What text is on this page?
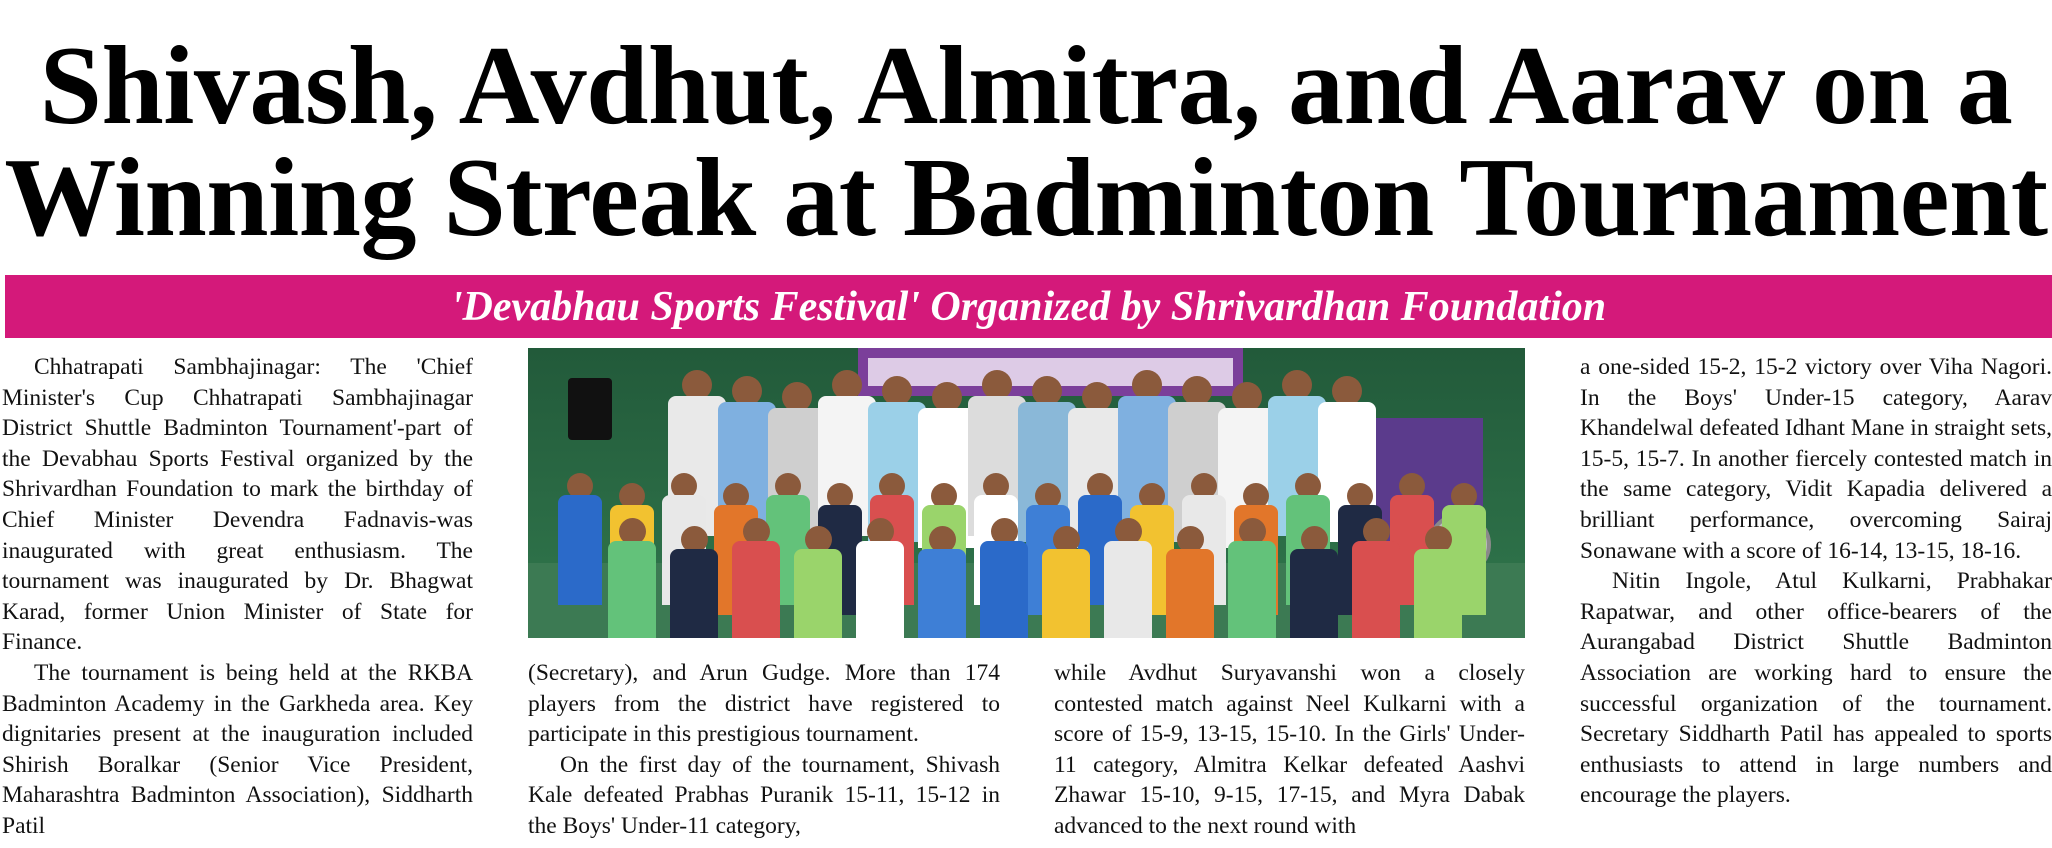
Shivash, Avdhut, Almitra, and Aarav on a
Winning Streak at Badminton Tournament
'Devabhau Sports Festival' Organized by Shrivardhan Foundation

Chhatrapati Sambhajinagar: The 'Chief Minister's Cup Chhatrapati Sambhajinagar District Shuttle Badminton Tournament'-part of the Devabhau Sports Festival organized by the Shrivardhan Foundation to mark the birthday of Chief Minister Devendra Fadnavis-was inaugurated with great enthusiasm. The tournament was inaugurated by Dr. Bhagwat Karad, former Union Minister of State for Finance.

The tournament is being held at the RKBA Badminton Academy in the Garkheda area. Key dignitaries present at the inauguration included Shirish Boralkar (Senior Vice President, Maharashtra Badminton Association), Siddharth Patil

(Secretary), and Arun Gudge. More than 174 players from the district have registered to participate in this prestigious tournament.

On the first day of the tournament, Shivash Kale defeated Prabhas Puranik 15-11, 15-12 in the Boys' Under-11 category,

while Avdhut Suryavanshi won a closely contested match against Neel Kulkarni with a score of 15-9, 13-15, 15-10. In the Girls' Under-11 category, Almitra Kelkar defeated Aashvi Zhawar 15-10, 9-15, 17-15, and Myra Dabak advanced to the next round with

a one-sided 15-2, 15-2 victory over Viha Nagori. In the Boys' Under-15 category, Aarav Khandelwal defeated Idhant Mane in straight sets, 15-5, 15-7. In another fiercely contested match in the same category, Vidit Kapadia delivered a brilliant performance, overcoming Sairaj Sonawane with a score of 16-14, 13-15, 18-16.

Nitin Ingole, Atul Kulkarni, Prabhakar Rapatwar, and other office-bearers of the Aurangabad District Shuttle Badminton Association are working hard to ensure the successful organization of the tournament. Secretary Siddharth Patil has appealed to sports enthusiasts to attend in large numbers and encourage the players.
